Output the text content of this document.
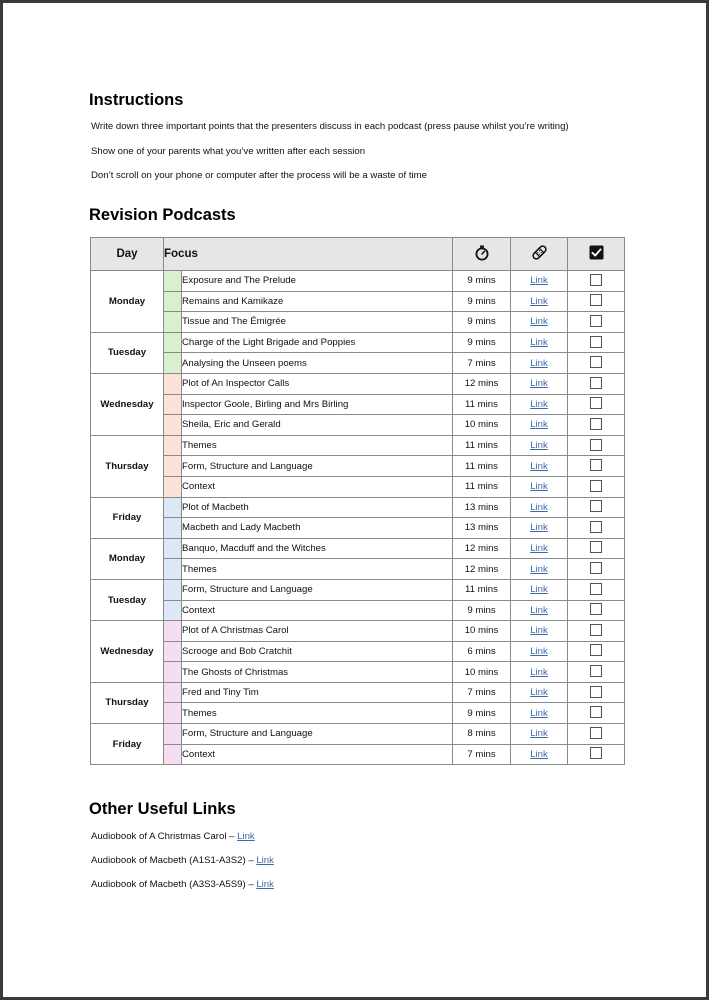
Instructions

Write down three important points that the presenters discuss in each podcast (press pause whilst you’re writing)

Show one of your parents what you’ve written after each session

Don’t scroll on your phone or computer after the process will be a waste of time

Revision Podcasts
Day	Focus			
Monday		Exposure and The Prelude	9 mins	Link	
		Remains and Kamikaze	9 mins	Link	
		Tissue and The Émigrée	9 mins	Link	
Tuesday		Charge of the Light Brigade and Poppies	9 mins	Link	
		Analysing the Unseen poems	7 mins	Link	
Wednesday		Plot of An Inspector Calls	12 mins	Link	
		Inspector Goole, Birling and Mrs Birling	11 mins	Link	
		Sheila, Eric and Gerald	10 mins	Link	
Thursday		Themes	11 mins	Link	
		Form, Structure and Language	11 mins	Link	
		Context	11 mins	Link	
Friday		Plot of Macbeth	13 mins	Link	
		Macbeth and Lady Macbeth	13 mins	Link	
Monday		Banquo, Macduff and the Witches	12 mins	Link	
		Themes	12 mins	Link	
Tuesday		Form, Structure and Language	11 mins	Link	
		Context	9 mins	Link	
Wednesday		Plot of A Christmas Carol	10 mins	Link	
		Scrooge and Bob Cratchit	6 mins	Link	
		The Ghosts of Christmas	10 mins	Link	
Thursday		Fred and Tiny Tim	7 mins	Link	
		Themes	9 mins	Link	
Friday		Form, Structure and Language	8 mins	Link	
		Context	7 mins	Link	
Other Useful Links

Audiobook of A Christmas Carol – Link

Audiobook of Macbeth (A1S1-A3S2) – Link

Audiobook of Macbeth (A3S3-A5S9) – Link
